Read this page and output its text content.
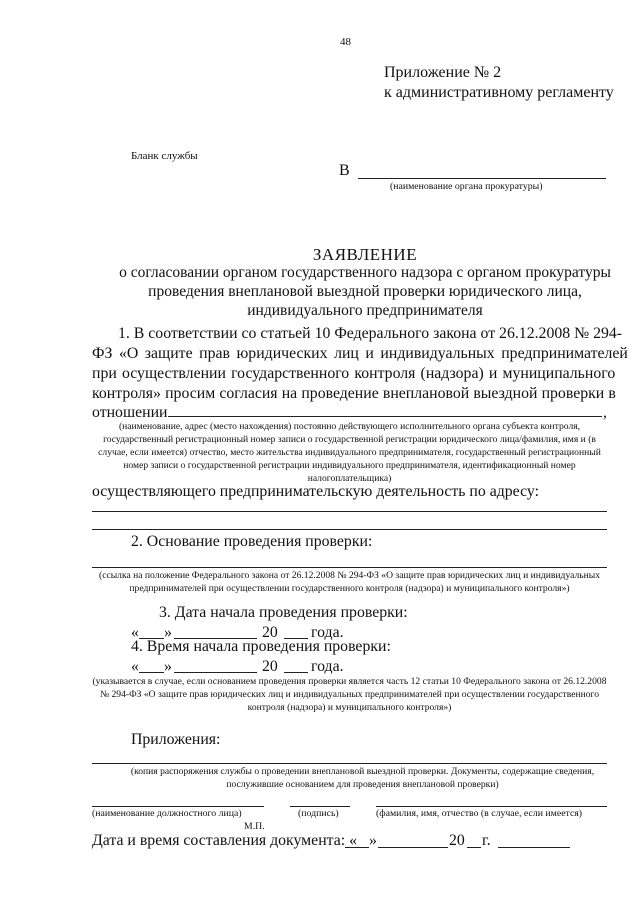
48
Приложение № 2
к административному регламенту
Бланк службы
В
(наименование органа прокуратуры)
ЗАЯВЛЕНИЕ
о согласовании органом государственного надзора с органом прокуратуры
проведения внеплановой выездной проверки юридического лица,
индивидуального предпринимателя
1. В соответствии со статьей 10 Федерального закона от 26.12.2008 № 294-
ФЗ «О защите прав юридических лиц и индивидуальных предпринимателей
при осуществлении государственного контроля (надзора) и муниципального
контроля» просим согласия на проведение внеплановой выездной проверки в
отношении	,
(наименование, адрес (место нахождения) постоянно действующего исполнительного органа субъекта контроля, государственный регистрационный номер записи о государственной регистрации юридического лица/фамилия, имя и (в случае, если имеется) отчество, место жительства индивидуального предпринимателя, государственный регистрационный номер записи о государственной регистрации индивидуального предпринимателя, идентификационный номер налогоплательщика)
осуществляющего предпринимательскую деятельность по адресу:
2. Основание проведения проверки:
(ссылка на положение Федерального закона от 26.12.2008 № 294-ФЗ «О защите прав юридических лиц и индивидуальных предпринимателей при осуществлении государственного контроля (надзора) и муниципального контроля»)
3. Дата начала проведения проверки:
« »	20 года.
4. Время начала проведения проверки:
« »	20 года.
(указывается в случае, если основанием проведения проверки является часть 12 статьи 10 Федерального закона от 26.12.2008 № 294-ФЗ «О защите прав юридических лиц и индивидуальных предпринимателей при осуществлении государственного контроля (надзора) и муниципального контроля»)
Приложения:
(копия распоряжения службы о проведении внеплановой выездной проверки. Документы, содержащие сведения, послужившие основанием для проведения внеплановой проверки)
(наименование должностного лица)	(подпись)	(фамилия, имя, отчество (в случае, если имеется)
М.П.
Дата и время составления документа: « »	20 г.
